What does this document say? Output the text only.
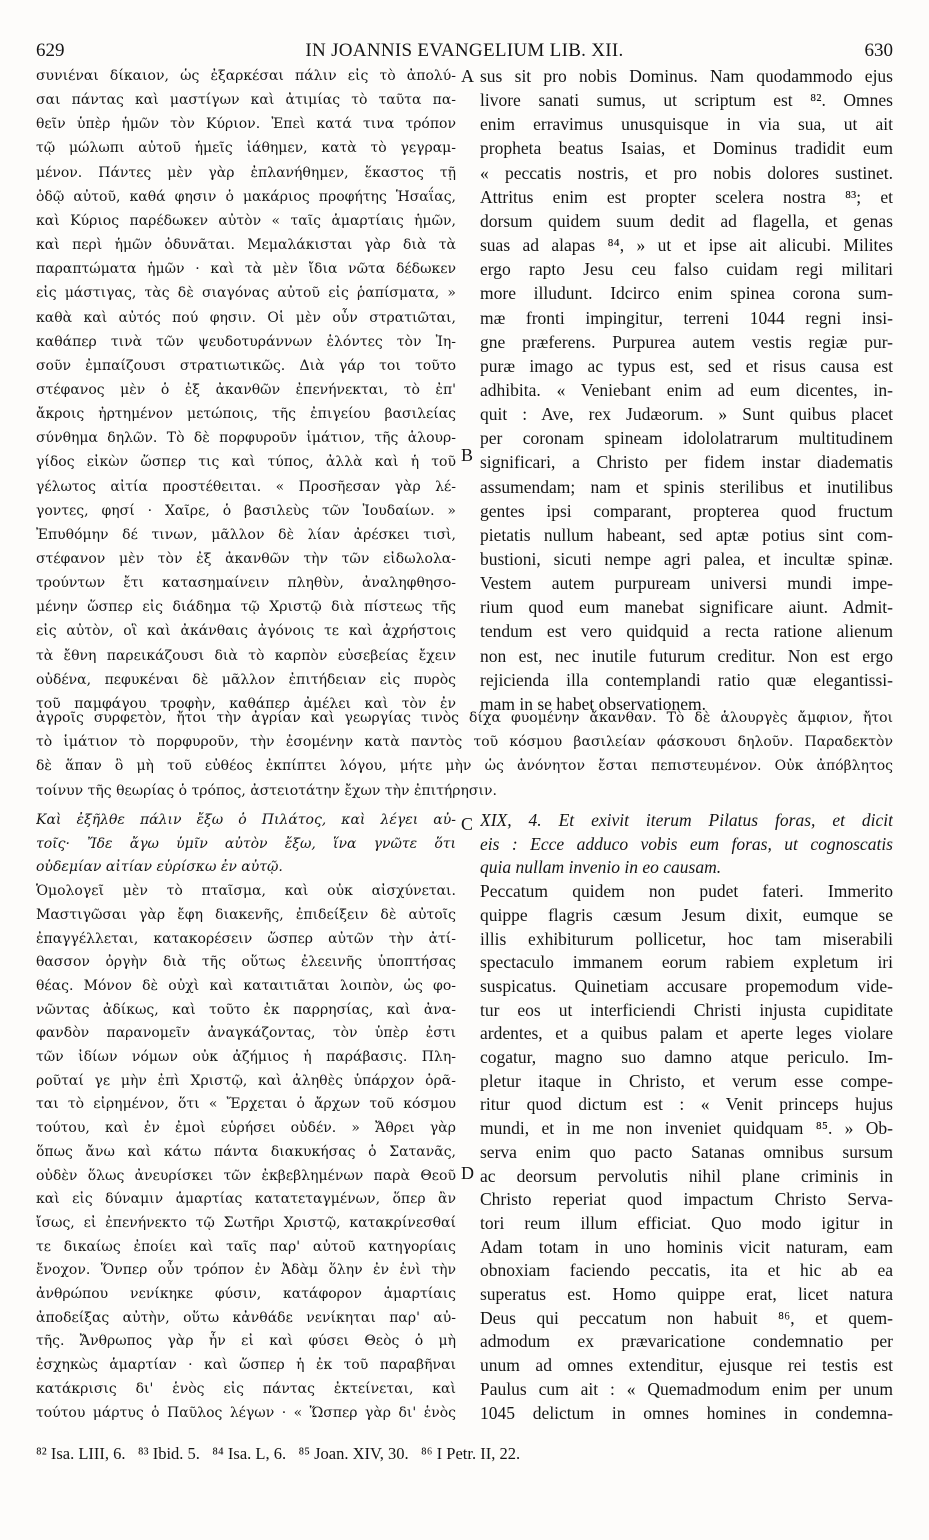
629	IN JOANNIS EVANGELIUM LIB. XII.	630
συνιέναι δίκαιον, ὡς ἐξαρκέσαι πάλιν εἰς τὸ ἀπολύ-
σαι πάντας καὶ μαστίγων καὶ ἀτιμίας τὸ ταῦτα πα-
θεῖν ὑπὲρ ἡμῶν τὸν Κύριον. Ἐπεὶ κατά τινα τρόπον
τῷ μώλωπι αὐτοῦ ἡμεῖς ἰάθημεν, κατὰ τὸ γεγραμ-
μένον. Πάντες μὲν γὰρ ἐπλανήθημεν, ἕκαστος τῇ
ὁδῷ αὐτοῦ, καθά φησιν ὁ μακάριος προφήτης Ἡσαΐας,
καὶ Κύριος παρέδωκεν αὐτὸν « ταῖς ἁμαρτίαις ἡμῶν,
καὶ περὶ ἡμῶν ὀδυνᾶται. Μεμαλάκισται γὰρ διὰ τὰ
παραπτώματα ἡμῶν · καὶ τὰ μὲν ἴδια νῶτα δέδωκεν
εἰς μάστιγας, τὰς δὲ σιαγόνας αὐτοῦ εἰς ῥαπίσματα, »
καθὰ καὶ αὐτός πού φησιν. Οἱ μὲν οὖν στρατιῶται,
καθάπερ τινὰ τῶν ψευδοτυράννων ἑλόντες τὸν Ἰη-
σοῦν ἐμπαίζουσι στρατιωτικῶς. Διὰ γάρ τοι τοῦτο
στέφανος μὲν ὁ ἐξ ἀκανθῶν ἐπενήνεκται, τὸ ἐπ'
ἄκροις ἠρτημένον μετώποις, τῆς ἐπιγείου βασιλείας
σύνθημα δηλῶν. Τὸ δὲ πορφυροῦν ἱμάτιον, τῆς ἁλουρ-
γίδος εἰκὼν ὥσπερ τις καὶ τύπος, ἀλλὰ καὶ ἡ τοῦ
γέλωτος αἰτία προστέθειται. « Προσῆεσαν γὰρ λέ-
γοντες, φησί · Χαῖρε, ὁ βασιλεὺς τῶν Ἰουδαίων. »
Ἐπυθόμην δέ τινων, μᾶλλον δὲ λίαν ἀρέσκει τισὶ,
στέφανον μὲν τὸν ἐξ ἀκανθῶν τὴν τῶν εἰδωλολα-
τρούντων ἔτι κατασημαίνειν πληθὺν, ἀναληφθησο-
μένην ὥσπερ εἰς διάδημα τῷ Χριστῷ διὰ πίστεως τῆς
εἰς αὐτὸν, οἳ καὶ ἀκάνθαις ἀγόνοις τε καὶ ἀχρήστοις
τὰ ἔθνη παρεικάζουσι διὰ τὸ καρπὸν εὐσεβείας ἔχειν
οὐδένα, πεφυκέναι δὲ μᾶλλον ἐπιτήδειαν εἰς πυρὸς
τοῦ παμφάγου τροφὴν, καθάπερ ἀμέλει καὶ τὸν ἐν
sus sit pro nobis Dominus. Nam quodammodo ejus
livore sanati sumus, ut scriptum est ⁸². Omnes
enim erravimus unusquisque in via sua, ut ait
propheta beatus Isaias, et Dominus tradidit eum
« peccatis nostris, et pro nobis dolores sustinet.
Attritus enim est propter scelera nostra ⁸³; et
dorsum quidem suum dedit ad flagella, et genas
suas ad alapas ⁸⁴, » ut et ipse ait alicubi. Milites
ergo rapto Jesu ceu falso cuidam regi militari
more illudunt. Idcirco enim spinea corona sum-
mæ fronti impingitur, terreni 1044 regni insi-
gne præferens. Purpurea autem vestis regiæ pur-
puræ imago ac typus est, sed et risus causa est
adhibita. « Veniebant enim ad eum dicentes, in-
quit : Ave, rex Judæorum. » Sunt quibus placet
per coronam spineam idololatrarum multitudinem
significari, a Christo per fidem instar diadematis
assumendam; nam et spinis sterilibus et inutilibus
gentes ipsi comparant, propterea quod fructum
pietatis nullum habeant, sed aptæ potius sint com-
bustioni, sicuti nempe agri palea, et incultæ spinæ.
Vestem autem purpuream universi mundi impe-
rium quod eum manebat significare aiunt. Admit-
tendum est vero quidquid a recta ratione alienum
non est, nec inutile futurum creditur. Non est ergo
rejicienda illa contemplandi ratio quæ elegantissi-
mam in se habet observationem.
ἀγροῖς συρφετὸν, ἤτοι τὴν ἀγρίαν καὶ γεωργίας τινὸς δίχα φυομένην ἄκανθαν. Τὸ δὲ ἁλουργὲς ἄμφιον, ἤτοι
τὸ ἱμάτιον τὸ πορφυροῦν, τὴν ἐσομένην κατὰ παντὸς τοῦ κόσμου βασιλείαν φάσκουσι δηλοῦν. Παραδεκτὸν
δὲ ἅπαν ὃ μὴ τοῦ εὐθέος ἐκπίπτει λόγου, μήτε μὴν ὡς ἀνόνητον ἔσται πεπιστευμένον. Οὐκ ἀπόβλητος
τοίνυν τῆς θεωρίας ὁ τρόπος, ἀστειοτάτην ἔχων τὴν ἐπιτήρησιν.
Καὶ ἐξῆλθε πάλιν ἔξω ὁ Πιλάτος, καὶ λέγει αὐ-
τοῖς· Ἴδε ἄγω ὑμῖν αὐτὸν ἔξω, ἵνα γνῶτε ὅτι
οὐδεμίαν αἰτίαν εὑρίσκω ἐν αὐτῷ.
Ὁμολογεῖ μὲν τὸ πταῖσμα, καὶ οὐκ αἰσχύνεται.
Μαστιγῶσαι γὰρ ἔφη διακενῆς, ἐπιδείξειν δὲ αὐτοῖς
ἐπαγγέλλεται, κατακορέσειν ὥσπερ αὐτῶν τὴν ἀτί-
θασσον ὀργὴν διὰ τῆς οὕτως ἐλεεινῆς ὑποπτήσας
θέας. Μόνον δὲ οὐχὶ καὶ καταιτιᾶται λοιπὸν, ὡς φο-
νῶντας ἀδίκως, καὶ τοῦτο ἐκ παρρησίας, καὶ ἀνα-
φανδὸν παρανομεῖν ἀναγκάζοντας, τὸν ὑπὲρ ἐστι
τῶν ἰδίων νόμων οὐκ ἀζήμιος ἡ παράβασις. Πλη-
ροῦταί γε μὴν ἐπὶ Χριστῷ, καὶ ἀληθὲς ὑπάρχον ὁρᾶ-
ται τὸ εἰρημένον, ὅτι « Ἔρχεται ὁ ἄρχων τοῦ κόσμου
τούτου, καὶ ἐν ἐμοὶ εὑρήσει οὐδέν. » Ἄθρει γὰρ
ὅπως ἄνω καὶ κάτω πάντα διακυκήσας ὁ Σατανᾶς,
οὐδὲν ὅλως ἀνευρίσκει τῶν ἐκβεβλημένων παρὰ Θεοῦ
καὶ εἰς δύναμιν ἁμαρτίας κατατεταγμένων, ὅπερ ἂν
ἴσως, εἰ ἐπενήνεκτο τῷ Σωτῆρι Χριστῷ, κατακρίνεσθαί
τε δικαίως ἐποίει καὶ ταῖς παρ' αὐτοῦ κατηγορίαις
ἔνοχον. Ὅνπερ οὖν τρόπον ἐν Ἀδὰμ ὅλην ἐν ἑνὶ τὴν
ἀνθρώπου νενίκηκε φύσιν, κατάφορον ἁμαρτίαις
ἀποδείξας αὐτὴν, οὕτω κἀνθάδε νενίκηται παρ' αὐ-
τῆς. Ἄνθρωπος γὰρ ἦν εἰ καὶ φύσει Θεὸς ὁ μὴ
ἐσχηκὼς ἁμαρτίαν · καὶ ὥσπερ ἡ ἐκ τοῦ παραβῆναι
κατάκρισις δι' ἑνὸς εἰς πάντας ἐκτείνεται, καὶ
τούτου μάρτυς ὁ Παῦλος λέγων · « Ὥσπερ γὰρ δι' ἑνὸς
XIX, 4. Et exivit iterum Pilatus foras, et dicit
eis : Ecce adduco vobis eum foras, ut cognoscatis
quia nullam invenio in eo causam.
Peccatum quidem non pudet fateri. Immerito
quippe flagris cæsum Jesum dixit, eumque se
illis exhibiturum pollicetur, hoc tam miserabili
spectaculo immanem eorum rabiem expletum iri
suspicatus. Quinetiam accusare propemodum vide-
tur eos ut interficiendi Christi injusta cupiditate
ardentes, et a quibus palam et aperte leges violare
cogatur, magno suo damno atque periculo. Im-
pletur itaque in Christo, et verum esse compe-
ritur quod dictum est : « Venit princeps hujus
mundi, et in me non inveniet quidquam ⁸⁵. » Ob-
serva enim quo pacto Satanas omnibus sursum
ac deorsum pervolutis nihil plane criminis in
Christo reperiat quod impactum Christo Serva-
tori reum illum efficiat. Quo modo igitur in
Adam totam in uno hominis vicit naturam, eam
obnoxiam faciendo peccatis, ita et hic ab ea
superatus est. Homo quippe erat, licet natura
Deus qui peccatum non habuit ⁸⁶, et quem-
admodum ex prævaricatione condemnatio per
unum ad omnes extenditur, ejusque rei testis est
Paulus cum ait : « Quemadmodum enim per unum
1045 delictum in omnes homines in condemna-
A
B
C
D
⁸² Isa. LIII, 6.   ⁸³ Ibid. 5.   ⁸⁴ Isa. L, 6.   ⁸⁵ Joan. XIV, 30.   ⁸⁶ I Petr. II, 22.
